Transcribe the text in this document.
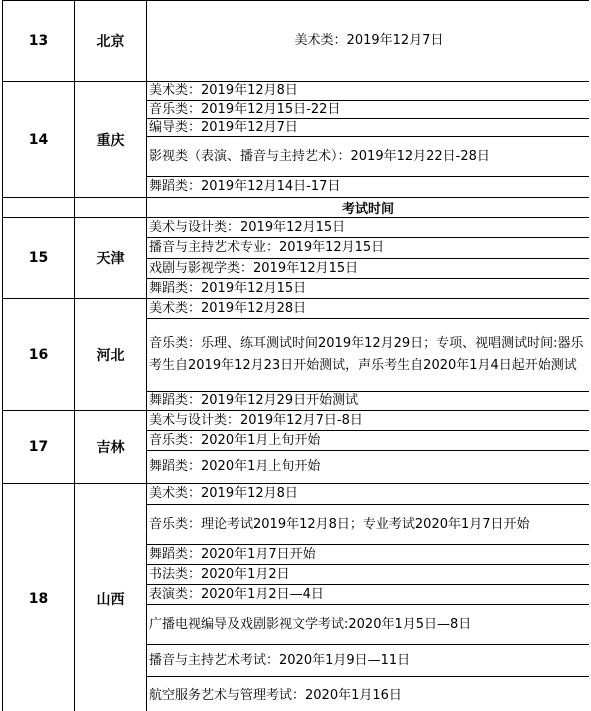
13	北京	美术类：2019年12月7日
14	重庆	美术类：2019年12月8日
		音乐类：2019年12月15日-22日
		编导类：2019年12月7日
		影视类（表演、播音与主持艺术）：2019年12月22日-28日
		舞蹈类：2019年12月14日-17日
		考试时间
15	天津	美术与设计类：2019年12月15日
		播音与主持艺术专业：2019年12月15日
		戏剧与影视学类：2019年12月15日
		舞蹈类：2019年12月15日
16	河北	美术类：2019年12月28日
		音乐类：乐理、练耳测试时间2019年12月29日；专项、视唱测试时间:器乐考生自2019年12月23日开始测试，声乐考生自2020年1月4日起开始测试
		舞蹈类：2019年12月29日开始测试
17	吉林	美术与设计类：2019年12月7日-8日
		音乐类：2020年1月上旬开始
		舞蹈类：2020年1月上旬开始
18	山西	美术类：2019年12月8日
		音乐类：理论考试2019年12月8日；专业考试2020年1月7日开始
		舞蹈类：2020年1月7日开始
		书法类：2020年1月2日
		表演类：2020年1月2日—4日
		广播电视编导及戏剧影视文学考试:2020年1月5日—8日
		播音与主持艺术考试：2020年1月9日—11日
		航空服务艺术与管理考试：2020年1月16日
